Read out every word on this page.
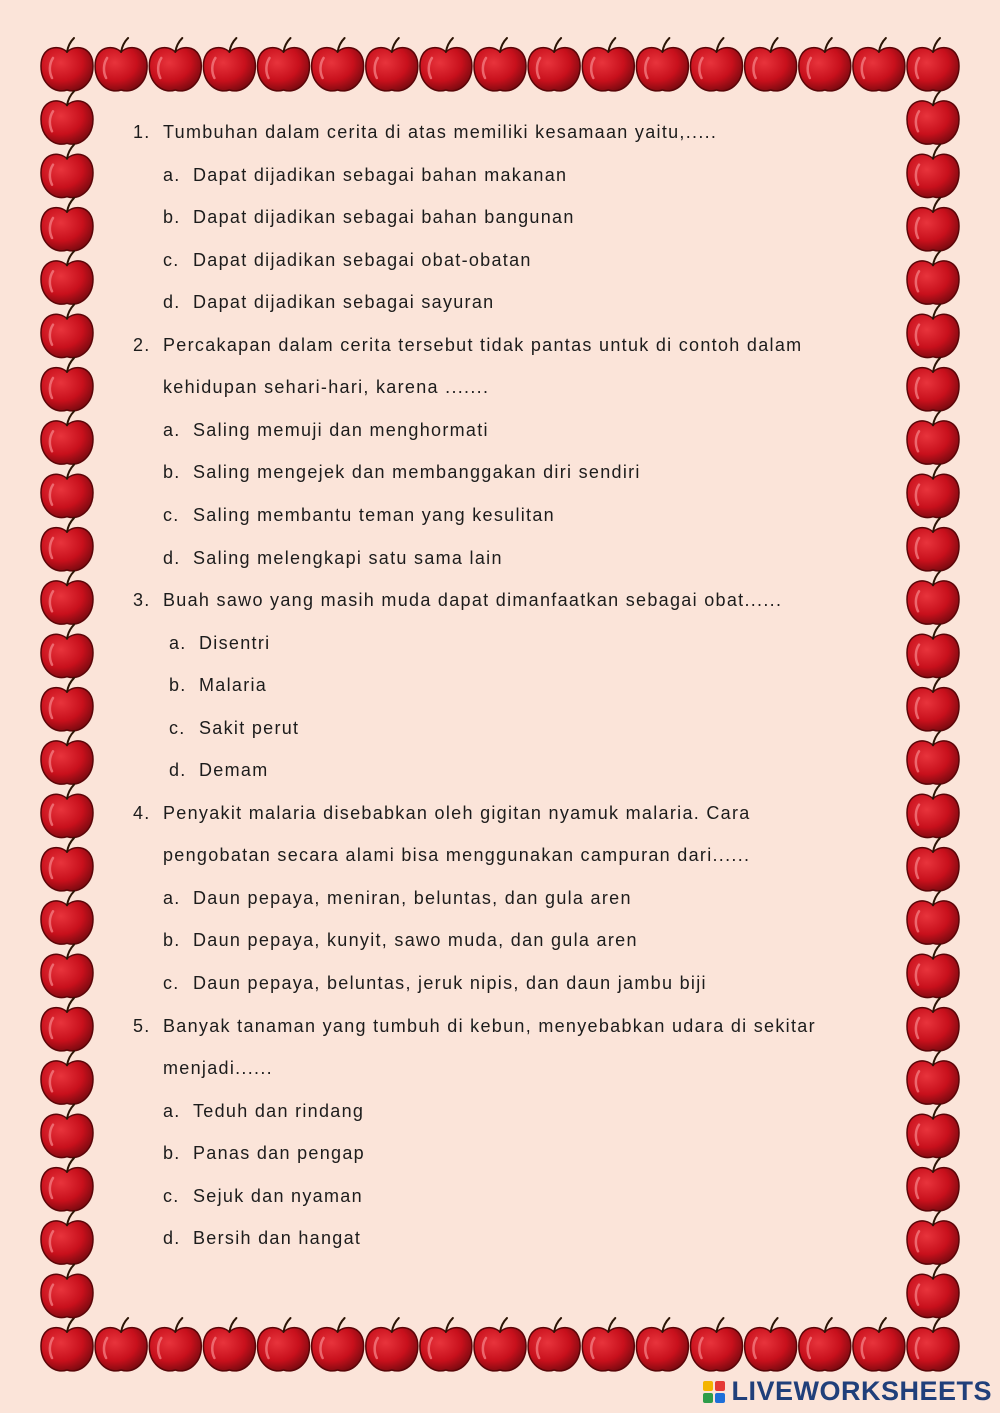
1. Tumbuhan dalam cerita di atas memiliki kesamaan yaitu,.....
a. Dapat dijadikan sebagai bahan makanan
b. Dapat dijadikan sebagai bahan bangunan
c. Dapat dijadikan sebagai obat-obatan
d. Dapat dijadikan sebagai sayuran
2. Percakapan dalam cerita tersebut tidak pantas untuk di contoh dalam
kehidupan sehari-hari, karena .......
a. Saling memuji dan menghormati
b. Saling mengejek dan membanggakan diri sendiri
c. Saling membantu teman yang kesulitan
d. Saling melengkapi satu sama lain
3. Buah sawo yang masih muda dapat dimanfaatkan sebagai obat......
a. Disentri
b. Malaria
c. Sakit perut
d. Demam
4. Penyakit malaria disebabkan oleh gigitan nyamuk malaria. Cara
pengobatan secara alami bisa menggunakan campuran dari......
a. Daun pepaya, meniran, beluntas, dan gula aren
b. Daun pepaya, kunyit, sawo muda, dan gula aren
c. Daun pepaya, beluntas, jeruk nipis, dan daun jambu biji
5. Banyak tanaman yang tumbuh di kebun, menyebabkan udara di sekitar
menjadi......
a. Teduh dan rindang
b. Panas dan pengap
c. Sejuk dan nyaman
d. Bersih dan hangat
LIVEWORKSHEETS
